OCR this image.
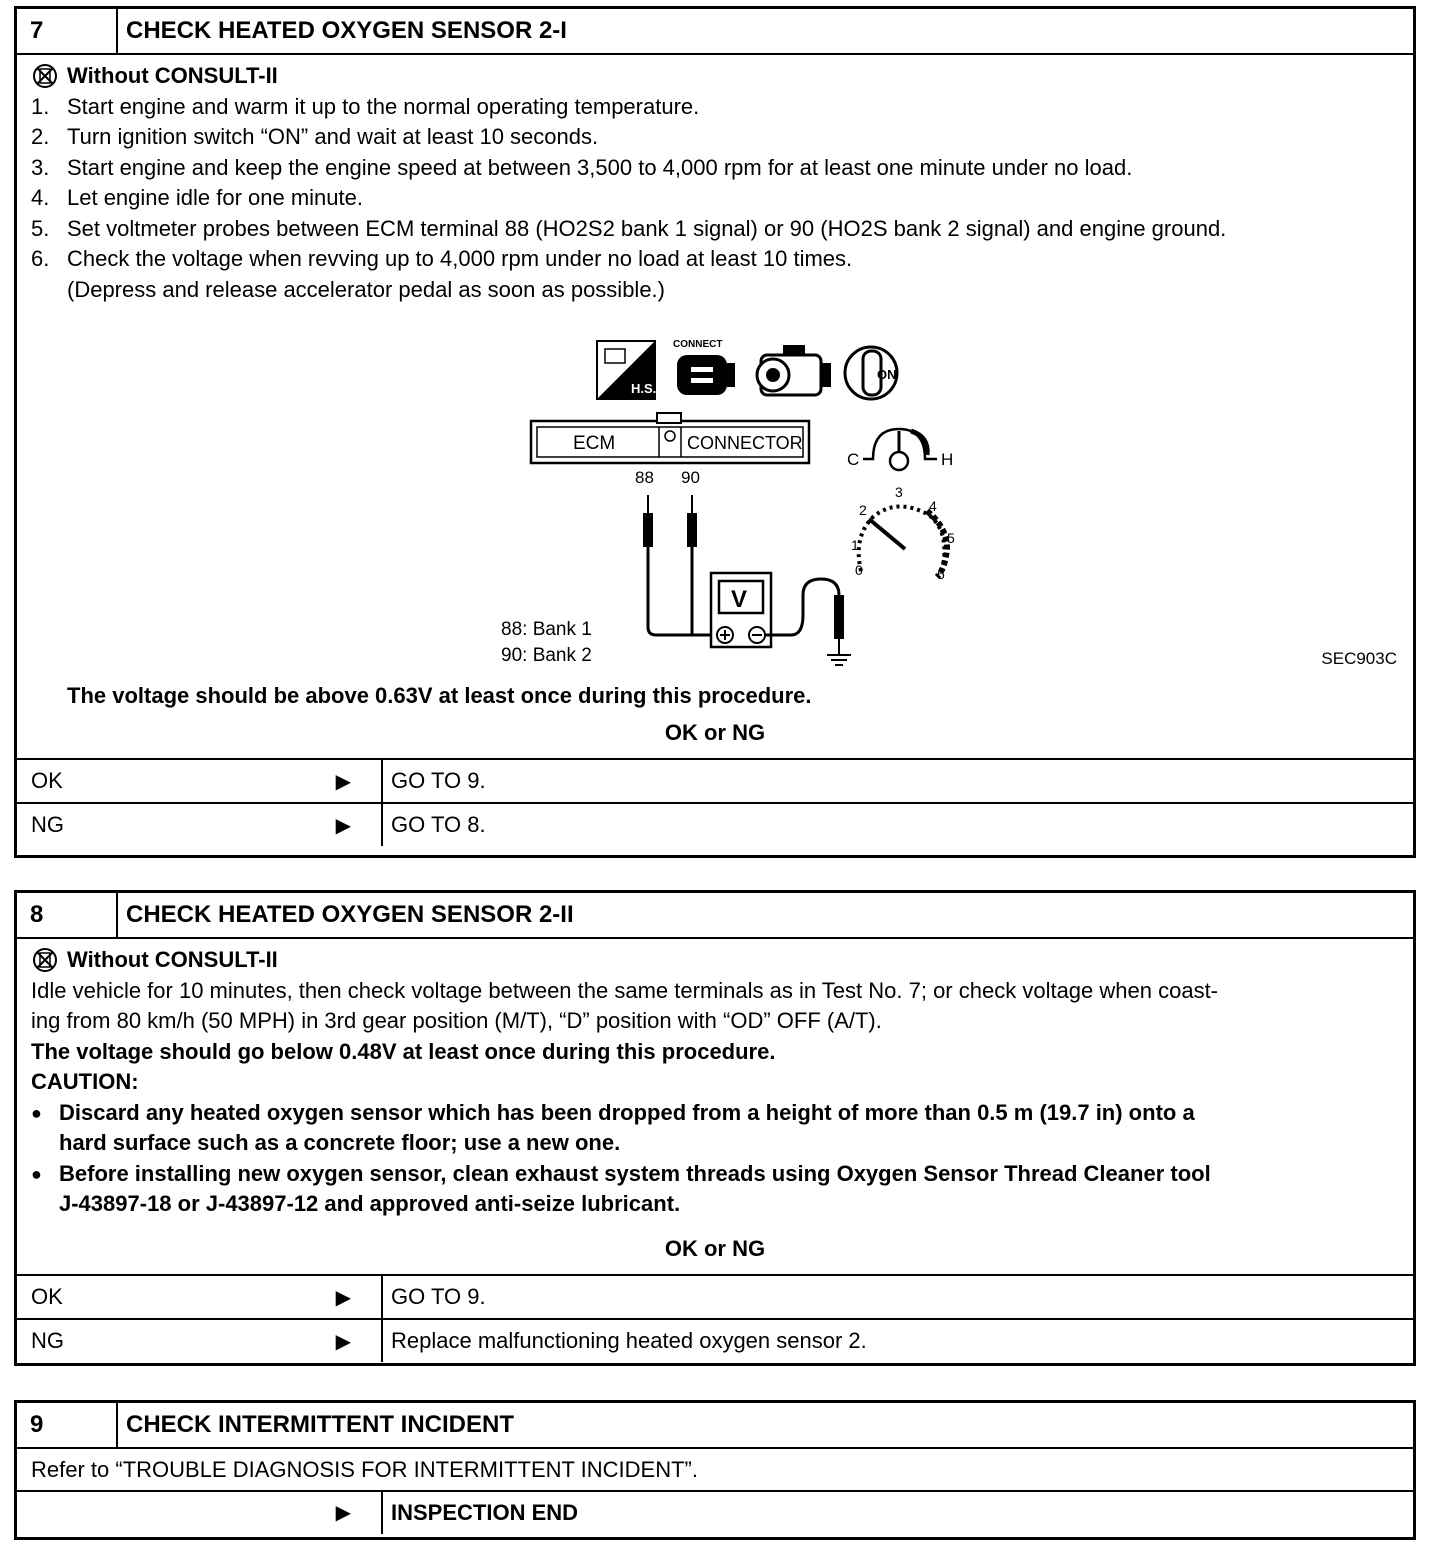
7	CHECK HEATED OXYGEN SENSOR 2-I
Without CONSULT-II
1. Start engine and warm it up to the normal operating temperature.
2. Turn ignition switch “ON” and wait at least 10 seconds.
3. Start engine and keep the engine speed at between 3,500 to 4,000 rpm for at least one minute under no load.
4. Let engine idle for one minute.
5. Set voltmeter probes between ECM terminal 88 (HO2S2 bank 1 signal) or 90 (HO2S bank 2 signal) and engine ground.
6. Check the voltage when revving up to 4,000 rpm under no load at least 10 times.

(Depress and release accelerator pedal as soon as possible.)

H.S.
CONNECT
ON
ECM	CONNECTOR
88 90
V
C	H
0
1
2
3
4
5
6
88: Bank 1
90: Bank 2	SEC903C

The voltage should be above 0.63V at least once during this procedure.

OK or NG
OK	▶	GO TO 9.
NG	▶	GO TO 8.
8	CHECK HEATED OXYGEN SENSOR 2-II
Without CONSULT-II

Idle vehicle for 10 minutes, then check voltage between the same terminals as in Test No. 7; or check voltage when coast-

ing from 80 km/h (50 MPH) in 3rd gear position (M/T), “D” position with “OD” OFF (A/T).

The voltage should go below 0.48V at least once during this procedure.

CAUTION:

● Discard any heated oxygen sensor which has been dropped from a height of more than 0.5 m (19.7 in) onto a
hard surface such as a concrete floor; use a new one.
● Before installing new oxygen sensor, clean exhaust system threads using Oxygen Sensor Thread Cleaner tool
J-43897-18 or J-43897-12 and approved anti-seize lubricant.
OK or NG
OK	▶	GO TO 9.
NG	▶	Replace malfunctioning heated oxygen sensor 2.
9	CHECK INTERMITTENT INCIDENT

Refer to “TROUBLE DIAGNOSIS FOR INTERMITTENT INCIDENT”.

▶	INSPECTION END
